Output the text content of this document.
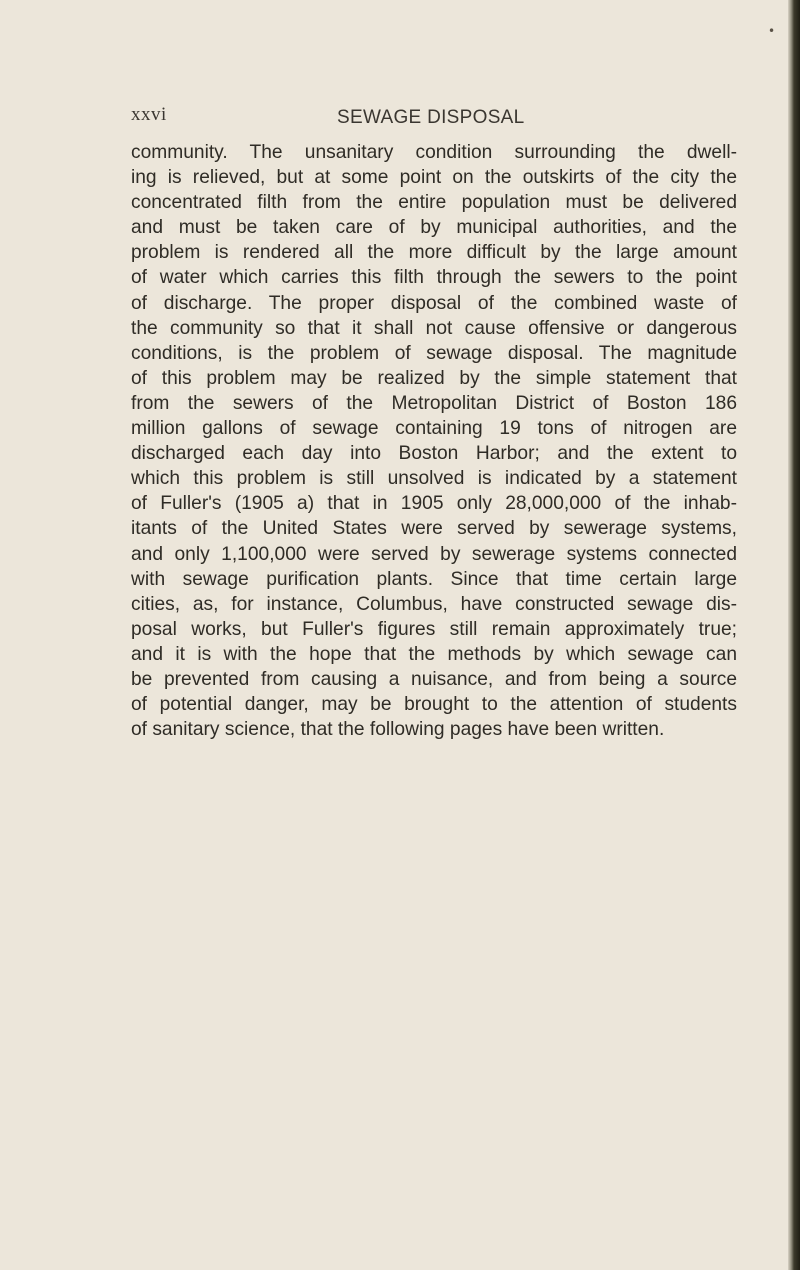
•
xxvi	SEWAGE DISPOSAL
community. The unsanitary condition surrounding the dwell-
ing is relieved, but at some point on the outskirts of the city the
concentrated filth from the entire population must be delivered
and must be taken care of by municipal authorities, and the
problem is rendered all the more difficult by the large amount
of water which carries this filth through the sewers to the point
of discharge. The proper disposal of the combined waste of
the community so that it shall not cause offensive or dangerous
conditions, is the problem of sewage disposal. The magnitude
of this problem may be realized by the simple statement that
from the sewers of the Metropolitan District of Boston 186
million gallons of sewage containing 19 tons of nitrogen are
discharged each day into Boston Harbor; and the extent to
which this problem is still unsolved is indicated by a statement
of Fuller's (1905 a) that in 1905 only 28,000,000 of the inhab-
itants of the United States were served by sewerage systems,
and only 1,100,000 were served by sewerage systems connected
with sewage purification plants. Since that time certain large
cities, as, for instance, Columbus, have constructed sewage dis-
posal works, but Fuller's figures still remain approximately true;
and it is with the hope that the methods by which sewage can
be prevented from causing a nuisance, and from being a source
of potential danger, may be brought to the attention of students
of sanitary science, that the following pages have been written.
